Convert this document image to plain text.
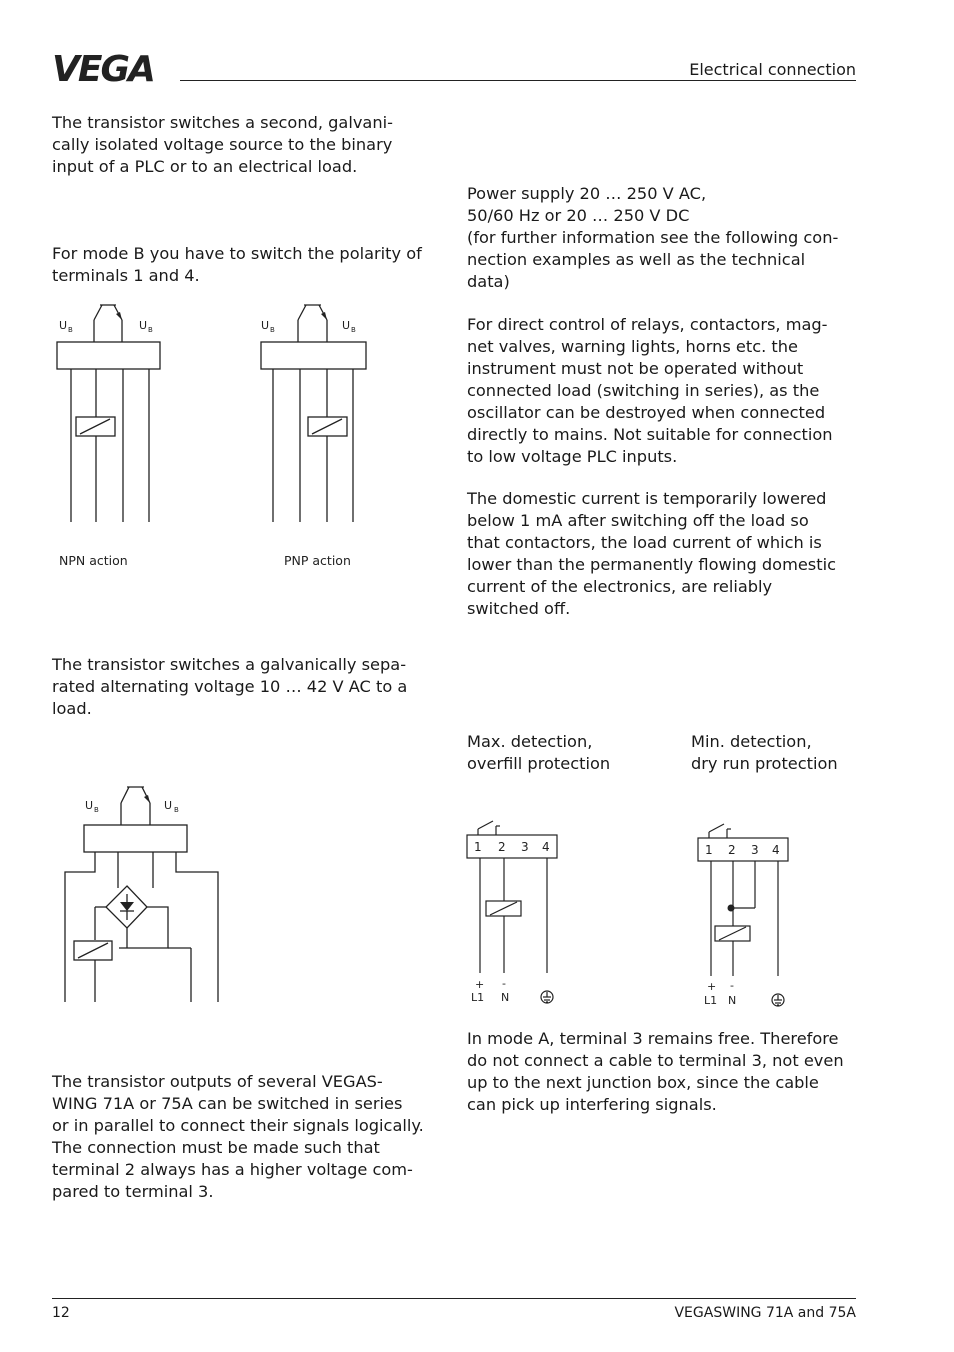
VEGA	Electrical connection
The transistor switches a second, galvani-
cally isolated voltage source to the binary
input of a PLC or to an electrical load.
For mode B you have to switch the polarity of
terminals 1 and 4.
U B	U B	U B	U B
NPN action	PNP action
The transistor switches a galvanically sepa-
rated alternating voltage 10 … 42 V AC to a
load.
U B	U B
The transistor outputs of several VEGAS-
WING 71A or 75A can be switched in series
or in parallel to connect their signals logically.
The connection must be made such that
terminal 2 always has a higher voltage com-
pared to terminal 3.
Power supply 20 … 250 V AC,
50/60 Hz or 20 … 250 V DC
(for further information see the following con-
nection examples as well as the technical
data)
For direct control of relays, contactors, mag-
net valves, warning lights, horns etc. the
instrument must not be operated without
connected load (switching in series), as the
oscillator can be destroyed when connected
directly to mains. Not suitable for connection
to low voltage PLC inputs.
The domestic current is temporarily lowered
below 1 mA after switching off the load so
that contactors, the load current of which is
lower than the permanently flowing domestic
current of the electronics, are reliably
switched off.
Max. detection,
overfill protection
Min. detection,
dry run protection
1 2 3 4
+ -
L1 N
1 2 3 4
+ -
L1 N
In mode A, terminal 3 remains free. Therefore
do not connect a cable to terminal 3, not even
up to the next junction box, since the cable
can pick up interfering signals.
12	VEGASWING 71A and 75A
